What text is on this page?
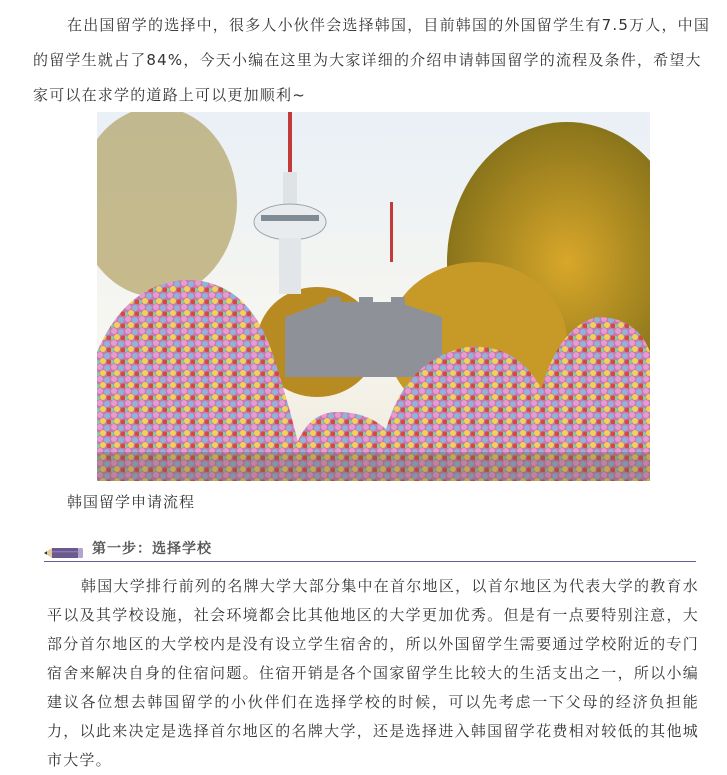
在出国留学的选择中，很多人小伙伴会选择韩国，目前韩国的外国留学生有7.5万人，中国的留学生就占了84%，今天小编在这里为大家详细的介绍申请韩国留学的流程及条件，希望大家可以在求学的道路上可以更加顺利~

韩国留学申请流程

第一步：选择学校

韩国大学排行前列的名牌大学大部分集中在首尔地区，以首尔地区为代表大学的教育水平以及其学校设施，社会环境都会比其他地区的大学更加优秀。但是有一点要特别注意，大部分首尔地区的大学校内是没有设立学生宿舍的，所以外国留学生需要通过学校附近的专门宿舍来解决自身的住宿问题。住宿开销是各个国家留学生比较大的生活支出之一，所以小编建议各位想去韩国留学的小伙伴们在选择学校的时候，可以先考虑一下父母的经济负担能力，以此来决定是选择首尔地区的名牌大学，还是选择进入韩国留学花费相对较低的其他城市大学。
